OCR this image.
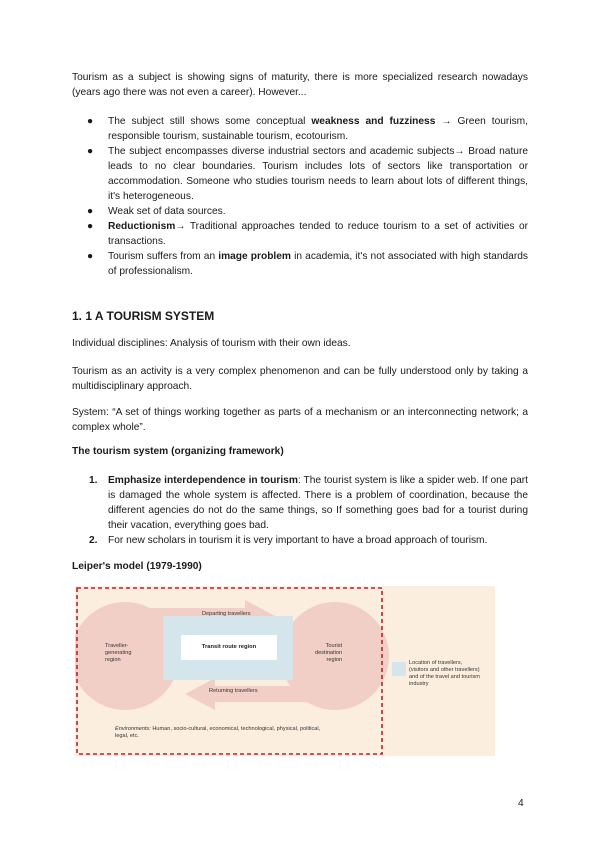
Tourism as a subject is showing signs of maturity, there is more specialized research nowadays (years ago there was not even a career). However...

● The subject still shows some conceptual weakness and fuzziness → Green tourism, responsible tourism, sustainable tourism, ecotourism.
● The subject encompasses diverse industrial sectors and academic subjects→ Broad nature leads to no clear boundaries. Tourism includes lots of sectors like transportation or accommodation. Someone who studies tourism needs to learn about lots of different things, it's heterogeneous.
● Weak set of data sources.
● Reductionism→ Traditional approaches tended to reduce tourism to a set of activities or transactions.
● Tourism suffers from an image problem in academia, it's not associated with high standards of professionalism.
1. 1 A TOURISM SYSTEM

Individual disciplines: Analysis of tourism with their own ideas.

Tourism as an activity is a very complex phenomenon and can be fully understood only by taking a multidisciplinary approach.

System: “A set of things working together as parts of a mechanism or an interconnecting network; a complex whole”.

The tourism system (organizing framework)
1. Emphasize interdependence in tourism: The tourist system is like a spider web. If one part is damaged the whole system is affected. There is a problem of coordination, because the different agencies do not do the same things, so If something goes bad for a tourist during their vacation, everything goes bad.
2. For new scholars in tourism it is very important to have a broad approach of tourism.
Leiper's model (1979-1990)
Transit route region
Departing travellers
Returning travellers
Traveller-
generating
region
Tourist
destination
region
Environments: Human, socio-cultural, economical, technological, physical, political, legal, etc.
Location of travellers,
(visitors and other travellers)
and of the travel and tourism
industry
4
